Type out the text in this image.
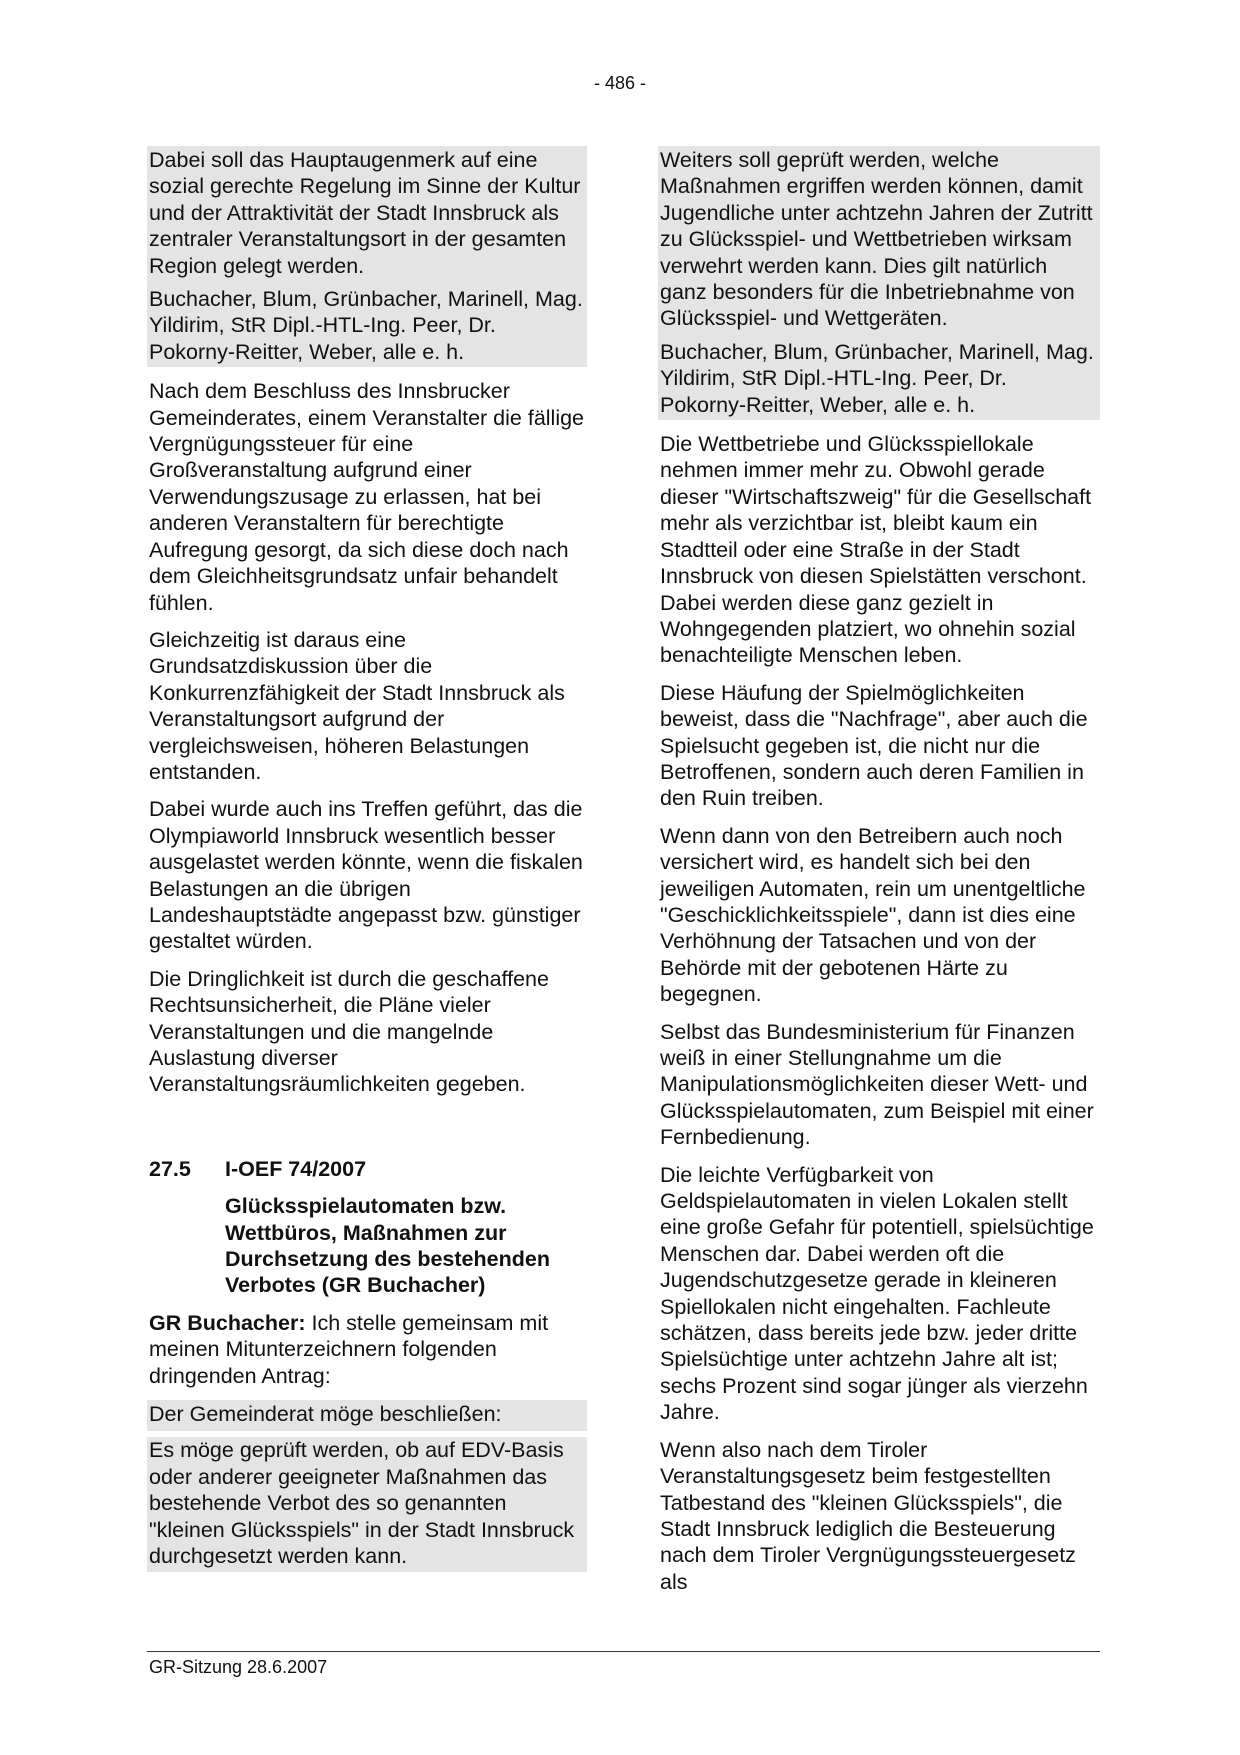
- 486 -
Dabei soll das Hauptaugenmerk auf eine sozial gerechte Regelung im Sinne der Kultur und der Attraktivität der Stadt Innsbruck als zentraler Veranstaltungsort in der gesamten Region gelegt werden.
Buchacher, Blum, Grünbacher, Marinell, Mag. Yildirim, StR Dipl.-HTL-Ing. Peer, Dr. Pokorny-Reitter, Weber, alle e. h.
Nach dem Beschluss des Innsbrucker Gemeinderates, einem Veranstalter die fällige Vergnügungssteuer für eine Großveranstaltung aufgrund einer Verwendungszusage zu erlassen, hat bei anderen Veranstaltern für berechtigte Aufregung gesorgt, da sich diese doch nach dem Gleichheitsgrundsatz unfair behandelt fühlen.
Gleichzeitig ist daraus eine Grundsatzdiskussion über die Konkurrenzfähigkeit der Stadt Innsbruck als Veranstaltungsort aufgrund der vergleichsweisen, höheren Belastungen entstanden.
Dabei wurde auch ins Treffen geführt, das die Olympiaworld Innsbruck wesentlich besser ausgelastet werden könnte, wenn die fiskalen Belastungen an die übrigen Landeshauptstädte angepasst bzw. günstiger gestaltet würden.
Die Dringlichkeit ist durch die geschaffene Rechtsunsicherheit, die Pläne vieler Veranstaltungen und die mangelnde Auslastung diverser Veranstaltungsräumlichkeiten gegeben.
27.5	I-OEF 74/2007
Glücksspielautomaten bzw. Wettbüros, Maßnahmen zur Durchsetzung des bestehenden Verbotes (GR Buchacher)
GR Buchacher: Ich stelle gemeinsam mit meinen Mitunterzeichnern folgenden dringenden Antrag:
Der Gemeinderat möge beschließen:
Es möge geprüft werden, ob auf EDV-Basis oder anderer geeigneter Maßnahmen das bestehende Verbot des so genannten "kleinen Glücksspiels" in der Stadt Innsbruck durchgesetzt werden kann.
Weiters soll geprüft werden, welche Maßnahmen ergriffen werden können, damit Jugendliche unter achtzehn Jahren der Zutritt zu Glücksspiel- und Wettbetrieben wirksam verwehrt werden kann. Dies gilt natürlich ganz besonders für die Inbetriebnahme von Glücksspiel- und Wettgeräten.
Buchacher, Blum, Grünbacher, Marinell, Mag. Yildirim, StR Dipl.-HTL-Ing. Peer, Dr. Pokorny-Reitter, Weber, alle e. h.
Die Wettbetriebe und Glücksspiellokale nehmen immer mehr zu. Obwohl gerade dieser "Wirtschaftszweig" für die Gesellschaft mehr als verzichtbar ist, bleibt kaum ein Stadtteil oder eine Straße in der Stadt Innsbruck von diesen Spielstätten verschont. Dabei werden diese ganz gezielt in Wohngegenden platziert, wo ohnehin sozial benachteiligte Menschen leben.
Diese Häufung der Spielmöglichkeiten beweist, dass die "Nachfrage", aber auch die Spielsucht gegeben ist, die nicht nur die Betroffenen, sondern auch deren Familien in den Ruin treiben.
Wenn dann von den Betreibern auch noch versichert wird, es handelt sich bei den jeweiligen Automaten, rein um unentgeltliche "Geschicklichkeitsspiele", dann ist dies eine Verhöhnung der Tatsachen und von der Behörde mit der gebotenen Härte zu begegnen.
Selbst das Bundesministerium für Finanzen weiß in einer Stellungnahme um die Manipulationsmöglichkeiten dieser Wett- und Glücksspielautomaten, zum Beispiel mit einer Fernbedienung.
Die leichte Verfügbarkeit von Geldspielautomaten in vielen Lokalen stellt eine große Gefahr für potentiell, spielsüchtige Menschen dar. Dabei werden oft die Jugendschutzgesetze gerade in kleineren Spiellokalen nicht eingehalten. Fachleute schätzen, dass bereits jede bzw. jeder dritte Spielsüchtige unter achtzehn Jahre alt ist; sechs Prozent sind sogar jünger als vierzehn Jahre.
Wenn also nach dem Tiroler Veranstaltungsgesetz beim festgestellten Tatbestand des "kleinen Glücksspiels", die Stadt Innsbruck lediglich die Besteuerung nach dem Tiroler Vergnügungssteuergesetz als
GR-Sitzung 28.6.2007
